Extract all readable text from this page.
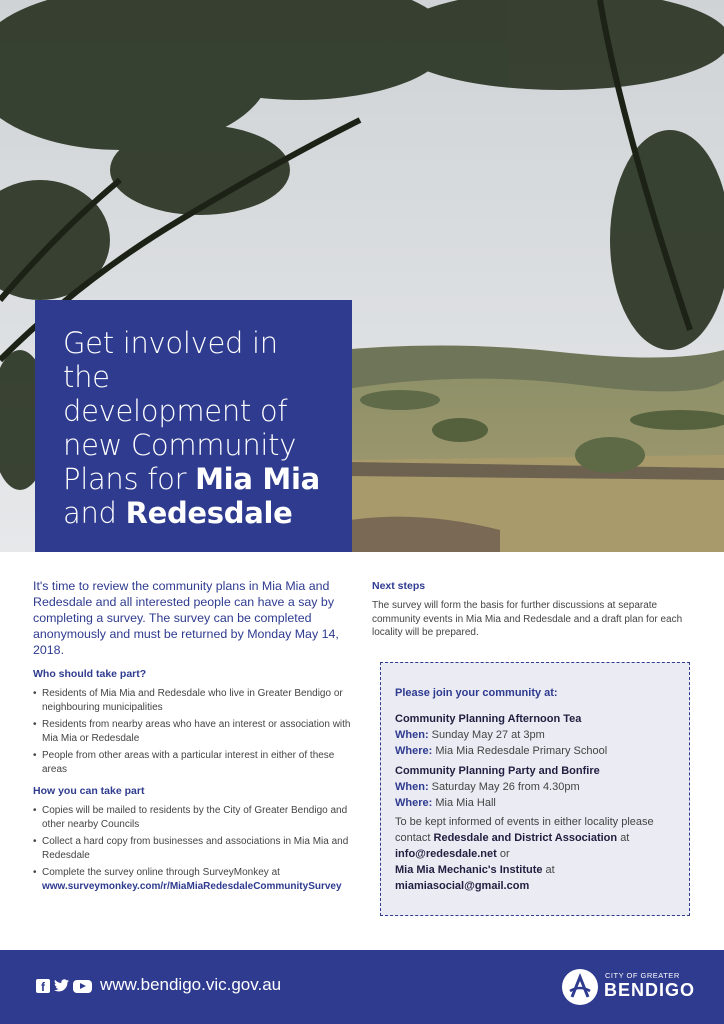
Get involved in the
development of
new Community
Plans for Mia Mia
and Redesdale

It's time to review the community plans in Mia Mia and Redesdale and all interested people can have a say by completing a survey. The survey can be completed anonymously and must be returned by Monday May 14, 2018.

Who should take part?

• Residents of Mia Mia and Redesdale who live in Greater Bendigo or neighbouring municipalities
• Residents from nearby areas who have an interest or association with Mia Mia or Redesdale
• People from other areas with a particular interest in either of these areas

How you can take part

• Copies will be mailed to residents by the City of Greater Bendigo and other nearby Councils
• Collect a hard copy from businesses and associations in Mia Mia and Redesdale
• Complete the survey online through SurveyMonkey at
www.surveymonkey.com/r/MiaMiaRedesdaleCommunitySurvey

Next steps

The survey will form the basis for further discussions at separate community events in Mia Mia and Redesdale and a draft plan for each locality will be prepared.

Please join your community at:

Community Planning Afternoon Tea
When: Sunday May 27 at 3pm
Where: Mia Mia Redesdale Primary School
Community Planning Party and Bonfire
When: Saturday May 26 from 4.30pm
Where: Mia Mia Hall

To be kept informed of events in either locality please contact Redesdale and District Association at info@redesdale.net or
Mia Mia Mechanic's Institute at
miamiasocial@gmail.com

f	www.bendigo.vic.gov.au	CITY OF GREATER
BENDIGO
